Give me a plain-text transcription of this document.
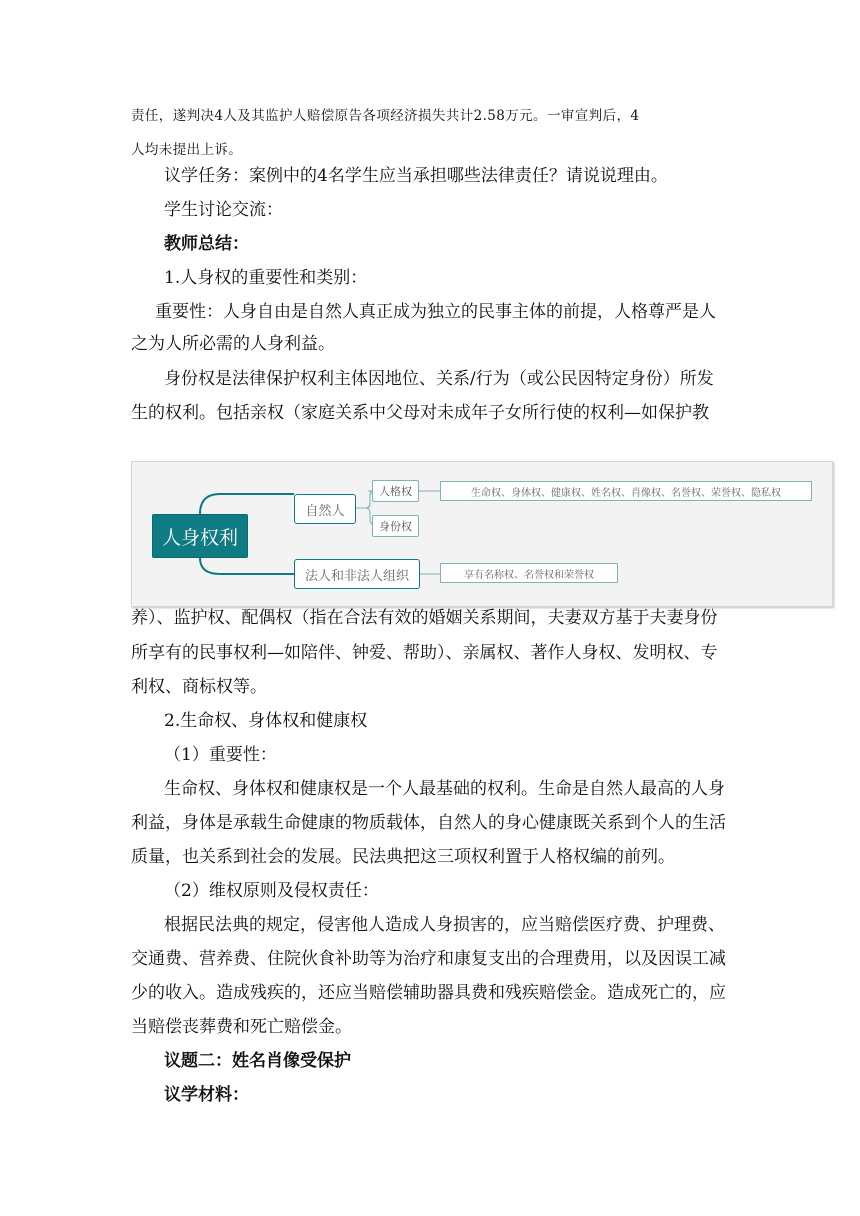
责任，遂判决4人及其监护人赔偿原告各项经济损失共计2.58万元。一审宣判后，4
人均未提出上诉。
议学任务：案例中的4名学生应当承担哪些法律责任？请说说理由。
学生讨论交流：
教师总结：
1.人身权的重要性和类别：
重要性：人身自由是自然人真正成为独立的民事主体的前提，人格尊严是人
之为人所必需的人身利益。
身份权是法律保护权利主体因地位、关系/行为（或公民因特定身份）所发
生的权利。包括亲权（家庭关系中父母对未成年子女所行使的权利—如保护教
人身权利
自然人
法人和非法人组织
人格权
身份权
生命权、身体权、健康权、姓名权、肖像权、名誉权、荣誉权、隐私权
享有名称权、名誉权和荣誉权
养）、监护权、配偶权（指在合法有效的婚姻关系期间，夫妻双方基于夫妻身份
所享有的民事权利—如陪伴、钟爱、帮助）、亲属权、著作人身权、发明权、专
利权、商标权等。
2.生命权、身体权和健康权
（1）重要性：
生命权、身体权和健康权是一个人最基础的权利。生命是自然人最高的人身
利益，身体是承载生命健康的物质载体，自然人的身心健康既关系到个人的生活
质量，也关系到社会的发展。民法典把这三项权利置于人格权编的前列。
（2）维权原则及侵权责任：
根据民法典的规定，侵害他人造成人身损害的，应当赔偿医疗费、护理费、
交通费、营养费、住院伙食补助等为治疗和康复支出的合理费用，以及因误工减
少的收入。造成残疾的，还应当赔偿辅助器具费和残疾赔偿金。造成死亡的，应
当赔偿丧葬费和死亡赔偿金。
议题二：姓名肖像受保护
议学材料：
